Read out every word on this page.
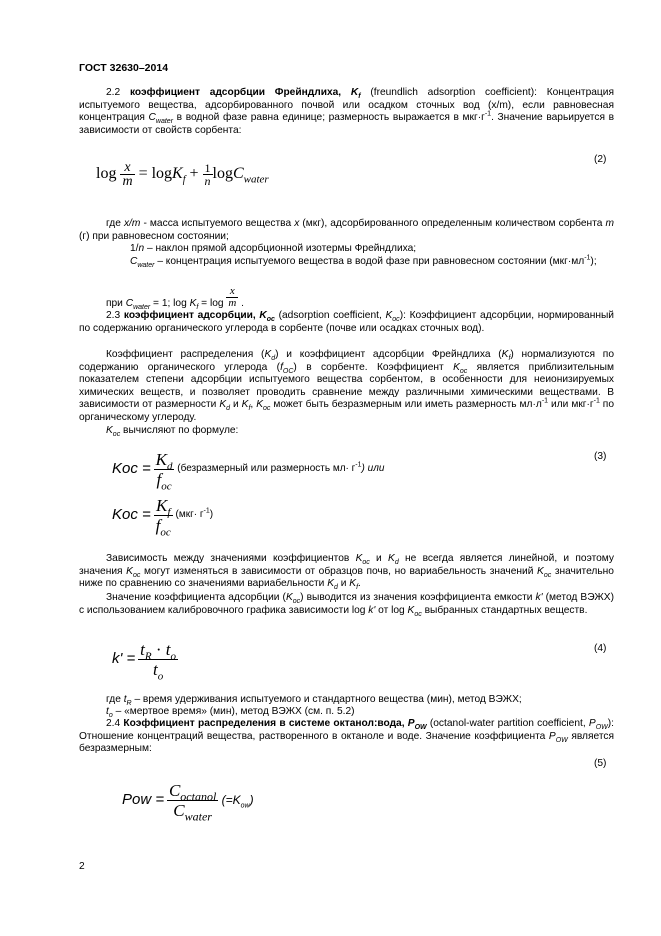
ГОСТ 32630–2014
2.2 коэффициент адсорбции Фрейндлиха, $K_f$ (freundlich adsorption coefficient): Концентрация испытуемого вещества, адсорбированного почвой или осадком сточных вод (x/m), если равновесная концентрация $C_{water}$ в водной фазе равна единице; размерность выражается в $мкг\cdot г^{-1}$. Значение варьируется в зависимости от свойств сорбента:
(2)
$\log \frac{x}{m} = \log K_f + \frac{1}{n} \log C_{water}$
где x/m - масса испытуемого вещества x (мкг), адсорбированного определенным количеством сорбента m (г) при равновесном состоянии;
1/n – наклон прямой адсорбционной изотермы Фрейндлиха;
$C_{water}$ – концентрация испытуемого вещества в водой фазе при равновесном состоянии $(мкг\cdot мл^{-1})$;
при $C_{water} = 1$; $\log K_f = \log \frac{x}{m}$ .
2.3 коэффициент адсорбции, $K_{oc}$ (adsorption coefficient, $K_{oc}$): Коэффициент адсорбции, нормированный по содержанию органического углерода в сорбенте (почве или осадках сточных вод).
Коэффициент распределения $(K_d)$ и коэффициент адсорбции Фрейндлиха $(K_f)$ нормализуются по содержанию органического углерода $(f_{OC})$ в сорбенте. Коэффициент $K_{oc}$ является приблизительным показателем степени адсорбции испытуемого вещества сорбентом, в особенности для неионизируемых химических веществ, и позволяет проводить сравнение между различными химическими веществами. В зависимости от размерности $K_d$ и $K_f$, $K_{oc}$ может быть безразмерным или иметь размерность $мл\cdot л^{-1}$ или $мкг\cdot г^{-1}$ по органическому углероду.
$K_{oc}$ вычисляют по формуле:
(3)
Koc = $\frac{K_d}{f_{oc}}$ (безразмерный или размерность $мл\cdot г^{-1}$) или
Koc = $\frac{K_f}{f_{oc}} (мкг\cdot г^{-1})$
Зависимость между значениями коэффициентов $K_{oc}$ и $K_d$ не всегда является линейной, и поэтому значения $K_{oc}$ могут изменяться в зависимости от образцов почв, но вариабельность значений $K_{oc}$ значительно ниже по сравнению со значениями вариабельности $K_d$ и $K_f$.
Значение коэффициента адсорбции $(K_{oc})$ выводится из значения коэффициента емкости k' (метод ВЭЖХ) с использованием калибровочного графика зависимости log k' от $\log K_{oc}$ выбранных стандартных веществ.
(4)
$k' = \frac{t_R \cdot t_o}{t_o}$
где $t_R$ – время удерживания испытуемого и стандартного вещества (мин), метод ВЭЖХ;
$t_o$ – «мертвое время» (мин), метод ВЭЖХ (см. п. 5.2)
2.4 Коэффициент распределения в системе октанол:вода, $P_{OW}$ (octanol-water partition coefficient, $P_{OW}$): Отношение концентраций вещества, растворенного в октаноле и воде. Значение коэффициента $P_{OW}$ является безразмерным:
(5)
Pow = $\frac{C_{octanol}}{C_{water}} (=K_{ow})$
2
